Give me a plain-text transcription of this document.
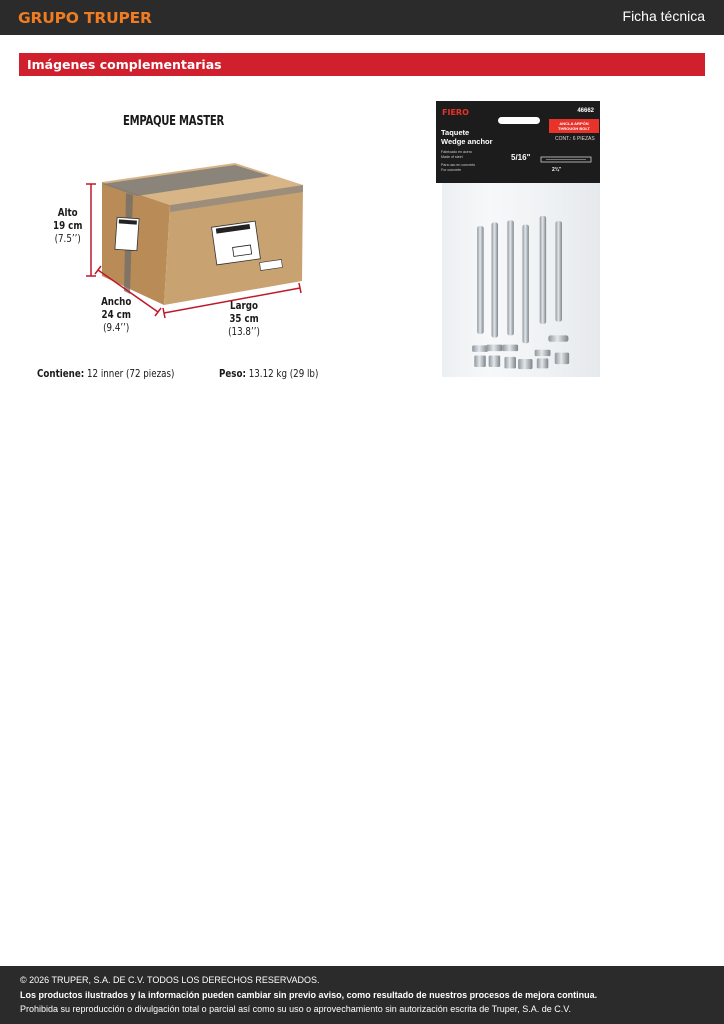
GRUPO TRUPER	Ficha técnica
Imágenes complementarias
EMPAQUE MASTER
Alto
19 cm
(7.5’’)
Ancho
24 cm
(9.4’’)
Largo
35 cm
(13.8’’)
Contiene: 12 inner (72 piezas)	Peso: 13.12 kg (29 lb)
FIERO	46662
ANCLA ARPÓN THROUGH BOLT
Taquete
Wedge anchor	CONT.: 6 PIEZAS
Fabricado en acero
Made of steel
Para uso en concreto
For concrete
5/16"
2¾"

© 2026 TRUPER, S.A. DE C.V. TODOS LOS DERECHOS RESERVADOS.

Los productos ilustrados y la información pueden cambiar sin previo aviso, como resultado de nuestros procesos de mejora continua.

Prohibida su reproducción o divulgación total o parcial así como su uso o aprovechamiento sin autorización escrita de Truper, S.A. de C.V.
